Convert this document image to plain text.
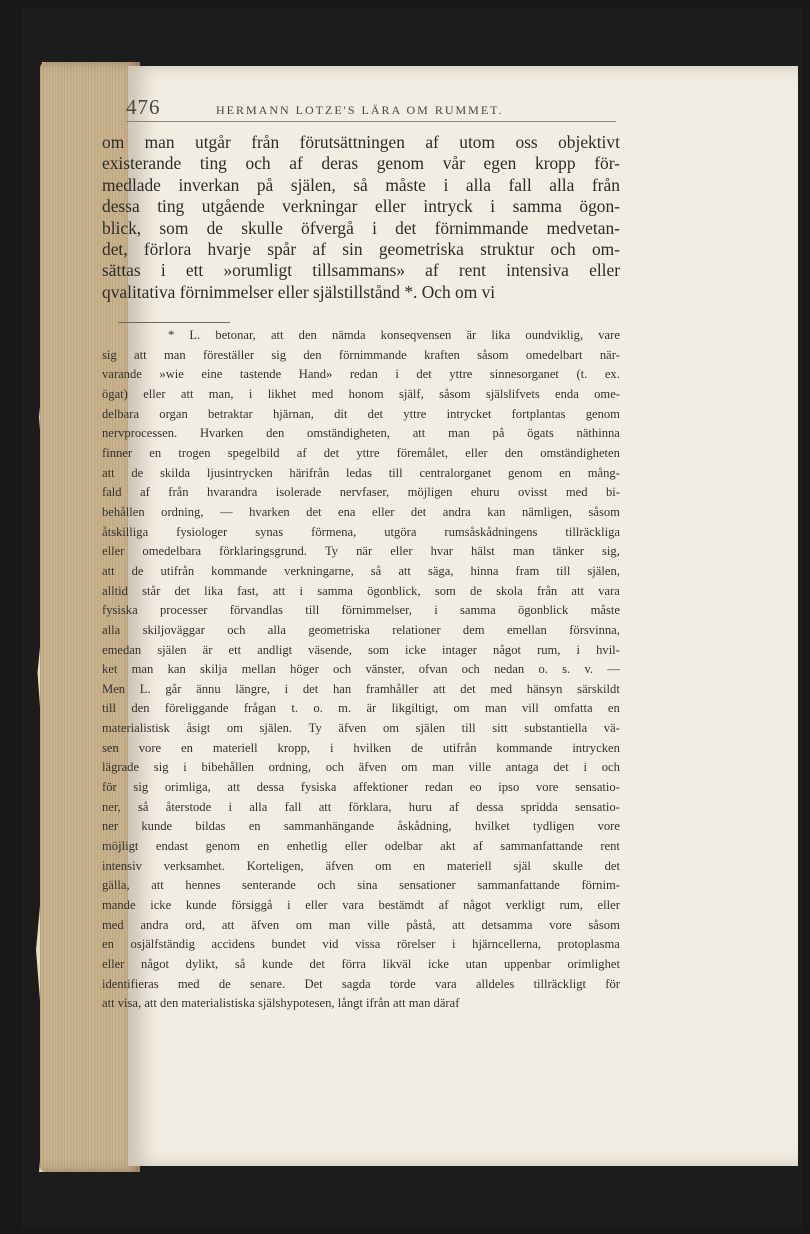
476	HERMANN LOTZE'S LÄRA OM RUMMET.
om man utgår från förutsättningen af utom oss objektivt
existerande ting och af deras genom vår egen kropp för-
medlade inverkan på själen, så måste i alla fall alla från
dessa ting utgående verkningar eller intryck i samma ögon-
blick, som de skulle öfvergå i det förnimmande medvetan-
det, förlora hvarje spår af sin geometriska struktur och om-
sättas i ett »orumligt tillsammans» af rent intensiva eller
qvalitativa förnimmelser eller själstillstånd *. Och om vi
* L. betonar, att den nämda konseqvensen är lika oundviklig, vare
sig att man föreställer sig den förnimmande kraften såsom omedelbart när-
varande »wie eine tastende Hand» redan i det yttre sinnesorganet (t. ex.
ögat) eller att man, i likhet med honom själf, såsom själslifvets enda ome-
delbara organ betraktar hjärnan, dit det yttre intrycket fortplantas genom
nervprocessen. Hvarken den omständigheten, att man på ögats näthinna
finner en trogen spegelbild af det yttre föremålet, eller den omständigheten
att de skilda ljusintrycken härifrån ledas till centralorganet genom en mång-
fald af från hvarandra isolerade nervfaser, möjligen ehuru ovisst med bi-
behållen ordning, — hvarken det ena eller det andra kan nämligen, såsom
åtskilliga fysiologer synas förmena, utgöra rumsåskådningens tillräckliga
eller omedelbara förklaringsgrund. Ty när eller hvar hälst man tänker sig,
att de utifrån kommande verkningarne, så att säga, hinna fram till själen,
alltid står det lika fast, att i samma ögonblick, som de skola från att vara
fysiska processer förvandlas till förnimmelser, i samma ögonblick måste
alla skiljoväggar och alla geometriska relationer dem emellan försvinna,
emedan själen är ett andligt väsende, som icke intager något rum, i hvil-
ket man kan skilja mellan höger och vänster, ofvan och nedan o. s. v. —
Men L. går ännu längre, i det han framhåller att det med hänsyn särskildt
till den föreliggande frågan t. o. m. är likgiltigt, om man vill omfatta en
materialistisk åsigt om själen. Ty äfven om själen till sitt substantiella vä-
sen vore en materiell kropp, i hvilken de utifrån kommande intrycken
lägrade sig i bibehållen ordning, och äfven om man ville antaga det i och
för sig orimliga, att dessa fysiska affektioner redan eo ipso vore sensatio-
ner, så återstode i alla fall att förklara, huru af dessa spridda sensatio-
ner kunde bildas en sammanhängande åskådning, hvilket tydligen vore
möjligt endast genom en enhetlig eller odelbar akt af sammanfattande rent
intensiv verksamhet. Korteligen, äfven om en materiell själ skulle det
gälla, att hennes senterande och sina sensationer sammanfattande förnim-
mande icke kunde försiggå i eller vara bestämdt af något verkligt rum, eller
med andra ord, att äfven om man ville påstå, att detsamma vore såsom
en osjälfständig accidens bundet vid vissa rörelser i hjärncellerna, protoplasma
eller något dylikt, så kunde det förra likväl icke utan uppenbar orimlighet
identifieras med de senare. Det sagda torde vara alldeles tillräckligt för
att visa, att den materialistiska själshypotesen, långt ifrån att man däraf
